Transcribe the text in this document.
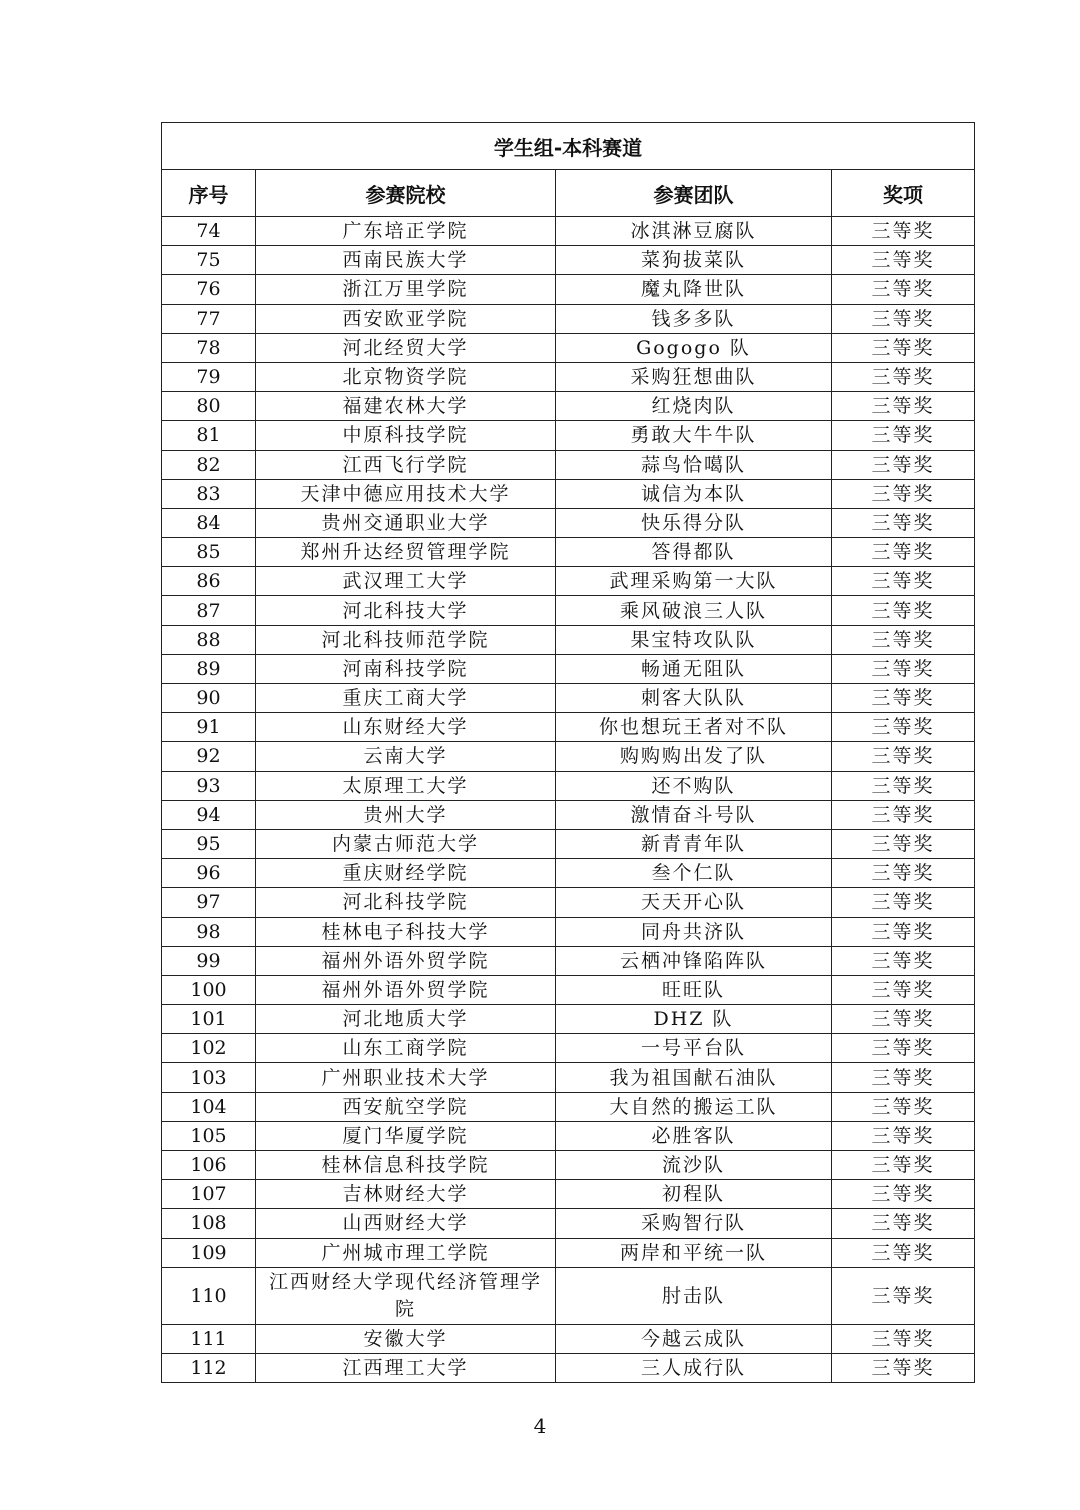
学生组-本科赛道			
序号	参赛院校	参赛团队	奖项
74	广东培正学院	冰淇淋豆腐队	三等奖
75	西南民族大学	菜狗拔菜队	三等奖
76	浙江万里学院	魔丸降世队	三等奖
77	西安欧亚学院	钱多多队	三等奖
78	河北经贸大学	Gogogo 队	三等奖
79	北京物资学院	采购狂想曲队	三等奖
80	福建农林大学	红烧肉队	三等奖
81	中原科技学院	勇敢大牛牛队	三等奖
82	江西飞行学院	蒜鸟恰噶队	三等奖
83	天津中德应用技术大学	诚信为本队	三等奖
84	贵州交通职业大学	快乐得分队	三等奖
85	郑州升达经贸管理学院	答得都队	三等奖
86	武汉理工大学	武理采购第一大队	三等奖
87	河北科技大学	乘风破浪三人队	三等奖
88	河北科技师范学院	果宝特攻队队	三等奖
89	河南科技学院	畅通无阻队	三等奖
90	重庆工商大学	刺客大队队	三等奖
91	山东财经大学	你也想玩王者对不队	三等奖
92	云南大学	购购购出发了队	三等奖
93	太原理工大学	还不购队	三等奖
94	贵州大学	激情奋斗号队	三等奖
95	内蒙古师范大学	新青青年队	三等奖
96	重庆财经学院	叁个仁队	三等奖
97	河北科技学院	天天开心队	三等奖
98	桂林电子科技大学	同舟共济队	三等奖
99	福州外语外贸学院	云栖冲锋陷阵队	三等奖
100	福州外语外贸学院	旺旺队	三等奖
101	河北地质大学	DHZ 队	三等奖
102	山东工商学院	一号平台队	三等奖
103	广州职业技术大学	我为祖国献石油队	三等奖
104	西安航空学院	大自然的搬运工队	三等奖
105	厦门华厦学院	必胜客队	三等奖
106	桂林信息科技学院	流沙队	三等奖
107	吉林财经大学	初程队	三等奖
108	山西财经大学	采购智行队	三等奖
109	广州城市理工学院	两岸和平统一队	三等奖
110	江西财经大学现代经济管理学院	肘击队	三等奖
111	安徽大学	今越云成队	三等奖
112	江西理工大学	三人成行队	三等奖
4
